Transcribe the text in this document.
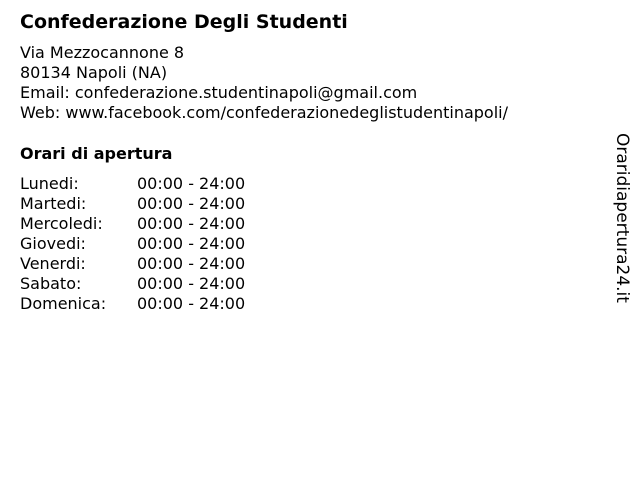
Confederazione Degli Studenti
Via Mezzocannone 8
80134 Napoli (NA)
Email: confederazione.studentinapoli@gmail.com
Web: www.facebook.com/confederazionedeglistudentinapoli/
Orari di apertura
Lunedi:	00:00 - 24:00
Martedi:	00:00 - 24:00
Mercoledi: 00:00 - 24:00
Giovedi:	00:00 - 24:00
Venerdi:	00:00 - 24:00
Sabato:	00:00 - 24:00
Domenica: 00:00 - 24:00
Oraridiapertura24.it
